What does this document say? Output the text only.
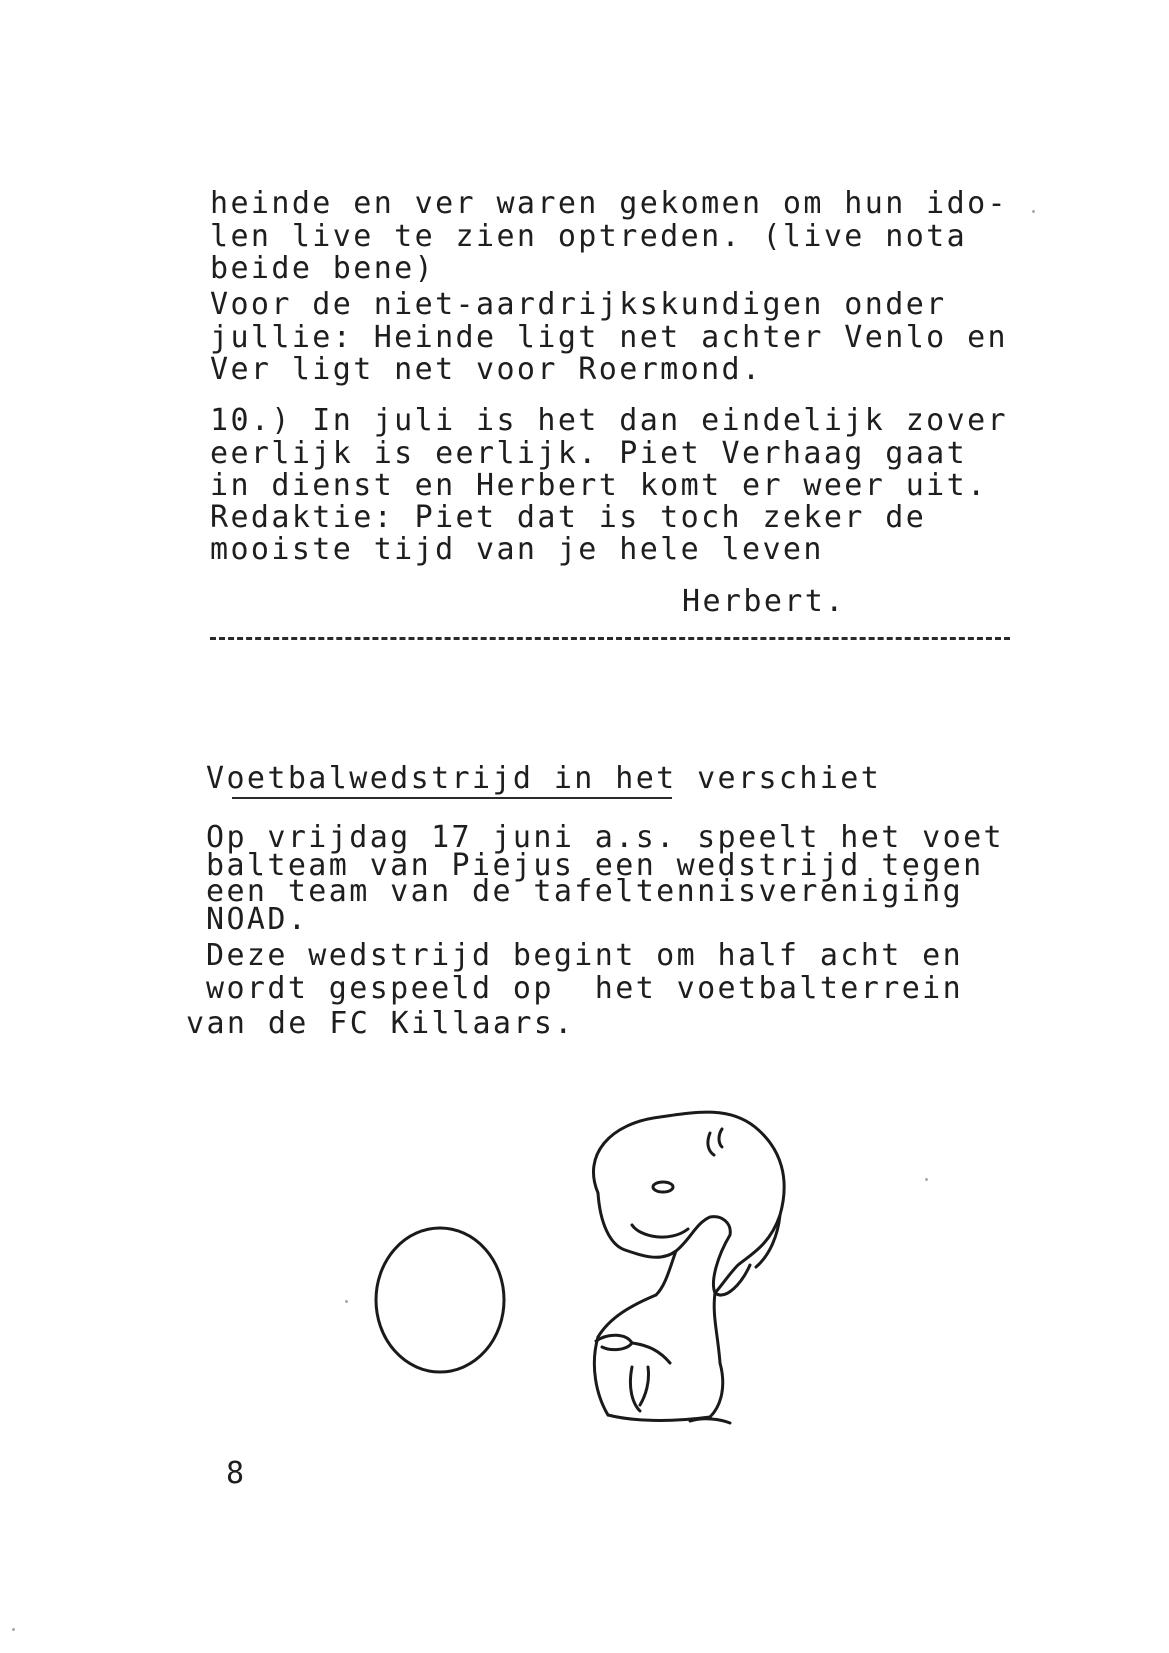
heinde en ver waren gekomen om hun ido-
len live te zien optreden. (live nota
beide bene)
Voor de niet-aardrijkskundigen onder
jullie: Heinde ligt net achter Venlo en
Ver ligt net voor Roermond.
10.) In juli is het dan eindelijk zover
eerlijk is eerlijk. Piet Verhaag gaat
in dienst en Herbert komt er weer uit.
Redaktie: Piet dat is toch zeker de
mooiste tijd van je hele leven
Herbert.
Voetbalwedstrijd in het verschiet
Op vrijdag 17 juni a.s. speelt het voet
balteam van Piejus een wedstrijd tegen
een team van de tafeltennisvereniging
NOAD.
Deze wedstrijd begint om half acht en
wordt gespeeld op  het voetbalterrein
van de FC Killaars.
8
